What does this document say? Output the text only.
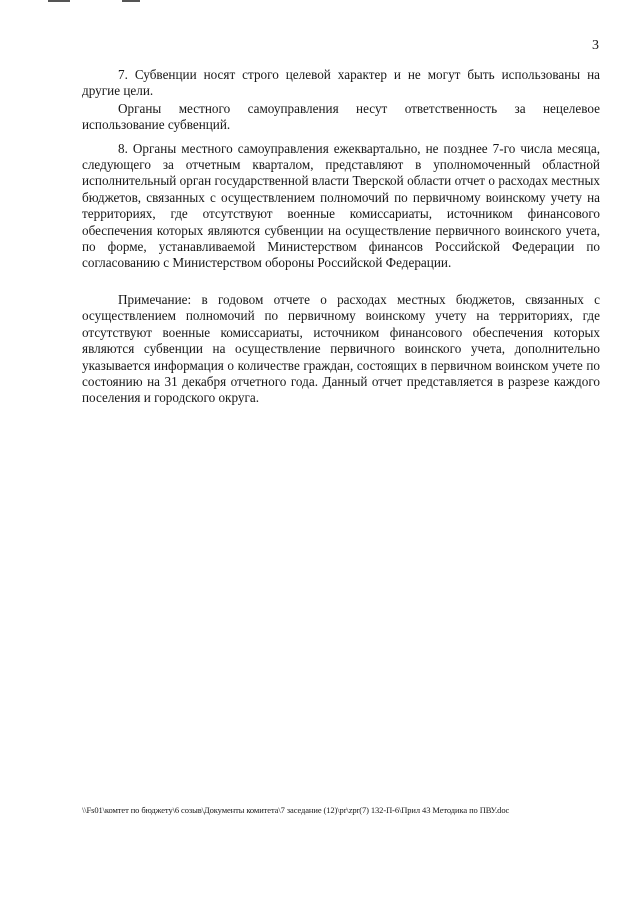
3

7. Субвенции носят строго целевой характер и не могут быть использованы на другие цели.

Органы местного самоуправления несут ответственность за нецелевое использование субвенций.

8. Органы местного самоуправления ежеквартально, не позднее 7-го числа месяца, следующего за отчетным кварталом, представляют в уполномоченный областной исполнительный орган государственной власти Тверской области отчет о расходах местных бюджетов, связанных с осуществлением полномочий по первичному воинскому учету на территориях, где отсутствуют военные комиссариаты, источником финансового обеспечения которых являются субвенции на осуществление первичного воинского учета, по форме, устанавливаемой Министерством финансов Российской Федерации по согласованию с Министерством обороны Российской Федерации.

Примечание: в годовом отчете о расходах местных бюджетов, связанных с осуществлением полномочий по первичному воинскому учету на территориях, где отсутствуют военные комиссариаты, источником финансового обеспечения которых являются субвенции на осуществление первичного воинского учета, дополнительно указывается информация о количестве граждан, состоящих в первичном воинском учете по состоянию на 31 декабря отчетного года. Данный отчет представляется в разрезе каждого поселения и городского округа.

\\Fs01\комтет по бюджету\6 созыв\Документы комитета\7 заседание (12)\pr\zpr(7) 132-П-6\Прил 43 Методика по ПВУ.doc
